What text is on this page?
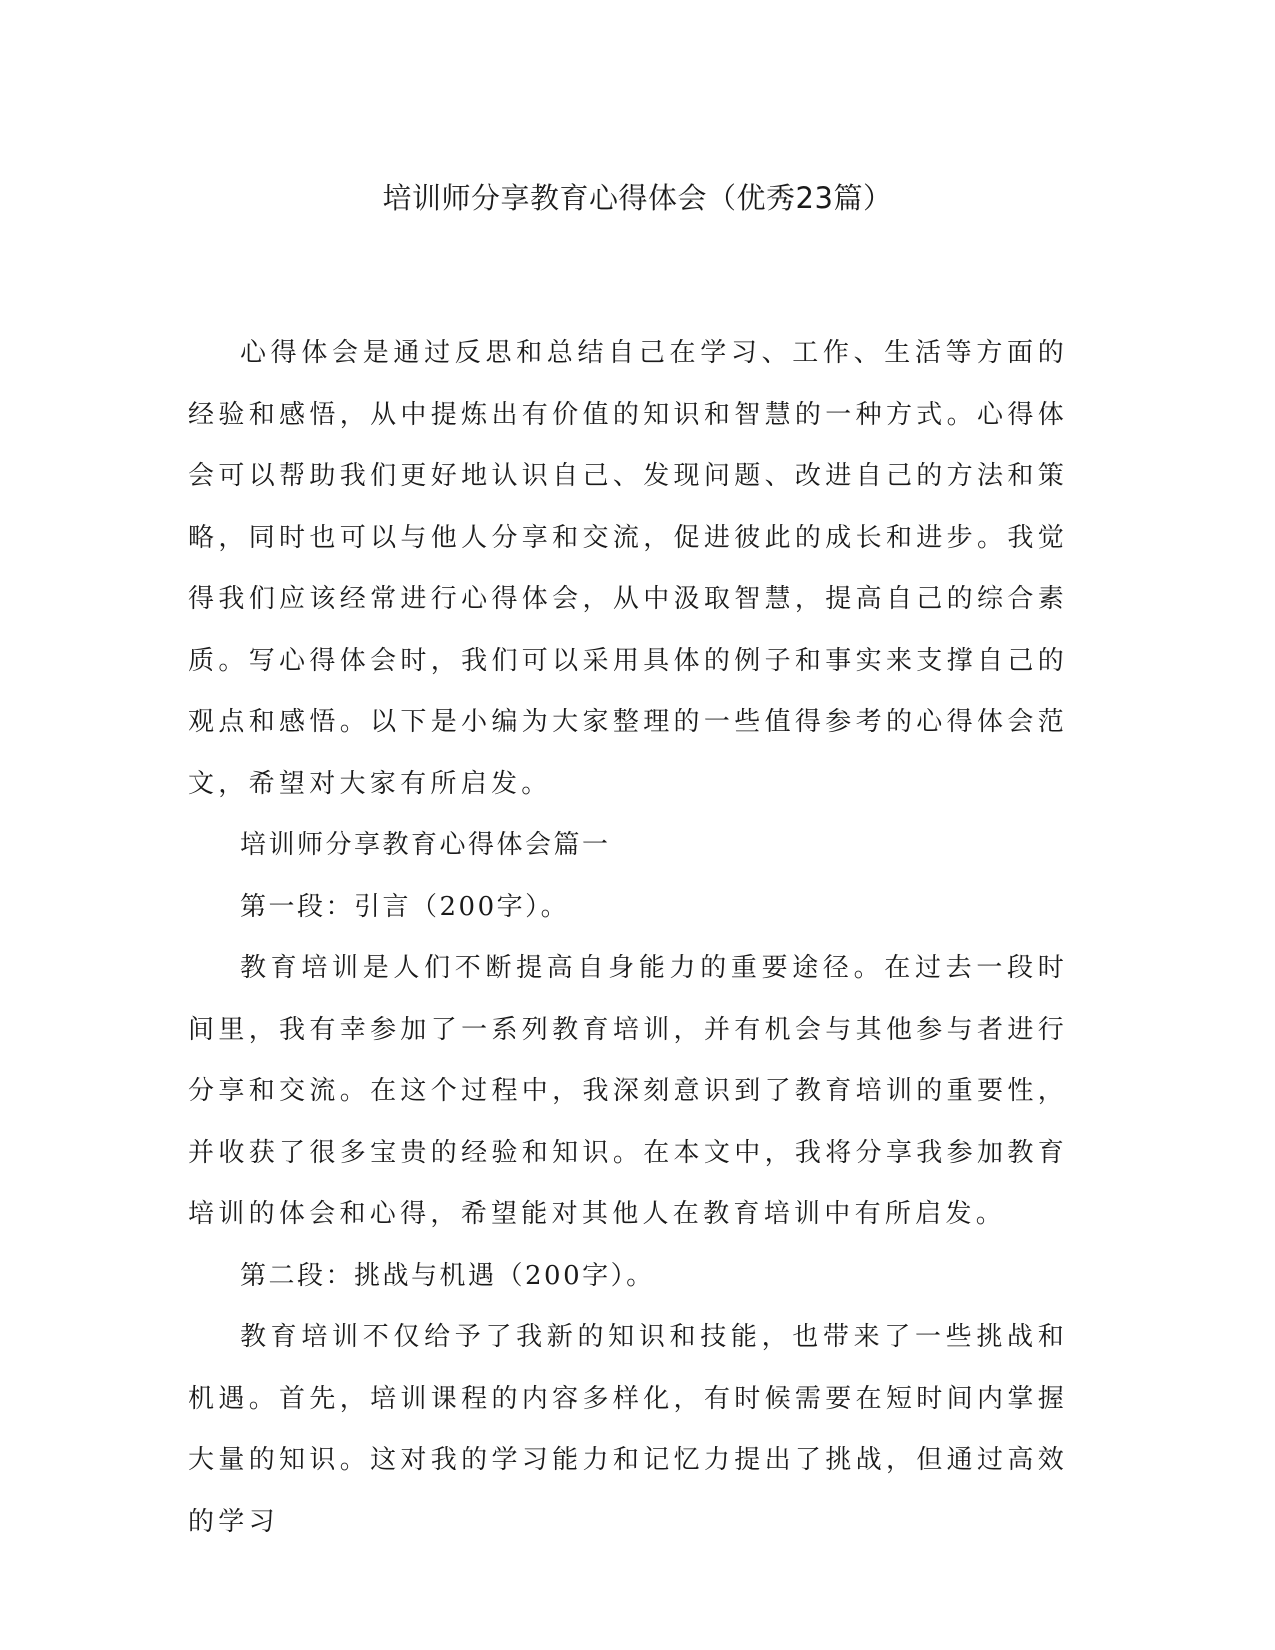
培训师分享教育心得体会（优秀23篇）

心得体会是通过反思和总结自己在学习、工作、生活等方面的经验和感悟，从中提炼出有价值的知识和智慧的一种方式。心得体会可以帮助我们更好地认识自己、发现问题、改进自己的方法和策略，同时也可以与他人分享和交流，促进彼此的成长和进步。我觉得我们应该经常进行心得体会，从中汲取智慧，提高自己的综合素质。写心得体会时，我们可以采用具体的例子和事实来支撑自己的观点和感悟。以下是小编为大家整理的一些值得参考的心得体会范文，希望对大家有所启发。

培训师分享教育心得体会篇一

第一段：引言（200字）。

教育培训是人们不断提高自身能力的重要途径。在过去一段时间里，我有幸参加了一系列教育培训，并有机会与其他参与者进行分享和交流。在这个过程中，我深刻意识到了教育培训的重要性，并收获了很多宝贵的经验和知识。在本文中，我将分享我参加教育培训的体会和心得，希望能对其他人在教育培训中有所启发。

第二段：挑战与机遇（200字）。

教育培训不仅给予了我新的知识和技能，也带来了一些挑战和机遇。首先，培训课程的内容多样化，有时候需要在短时间内掌握大量的知识。这对我的学习能力和记忆力提出了挑战，但通过高效的学习
